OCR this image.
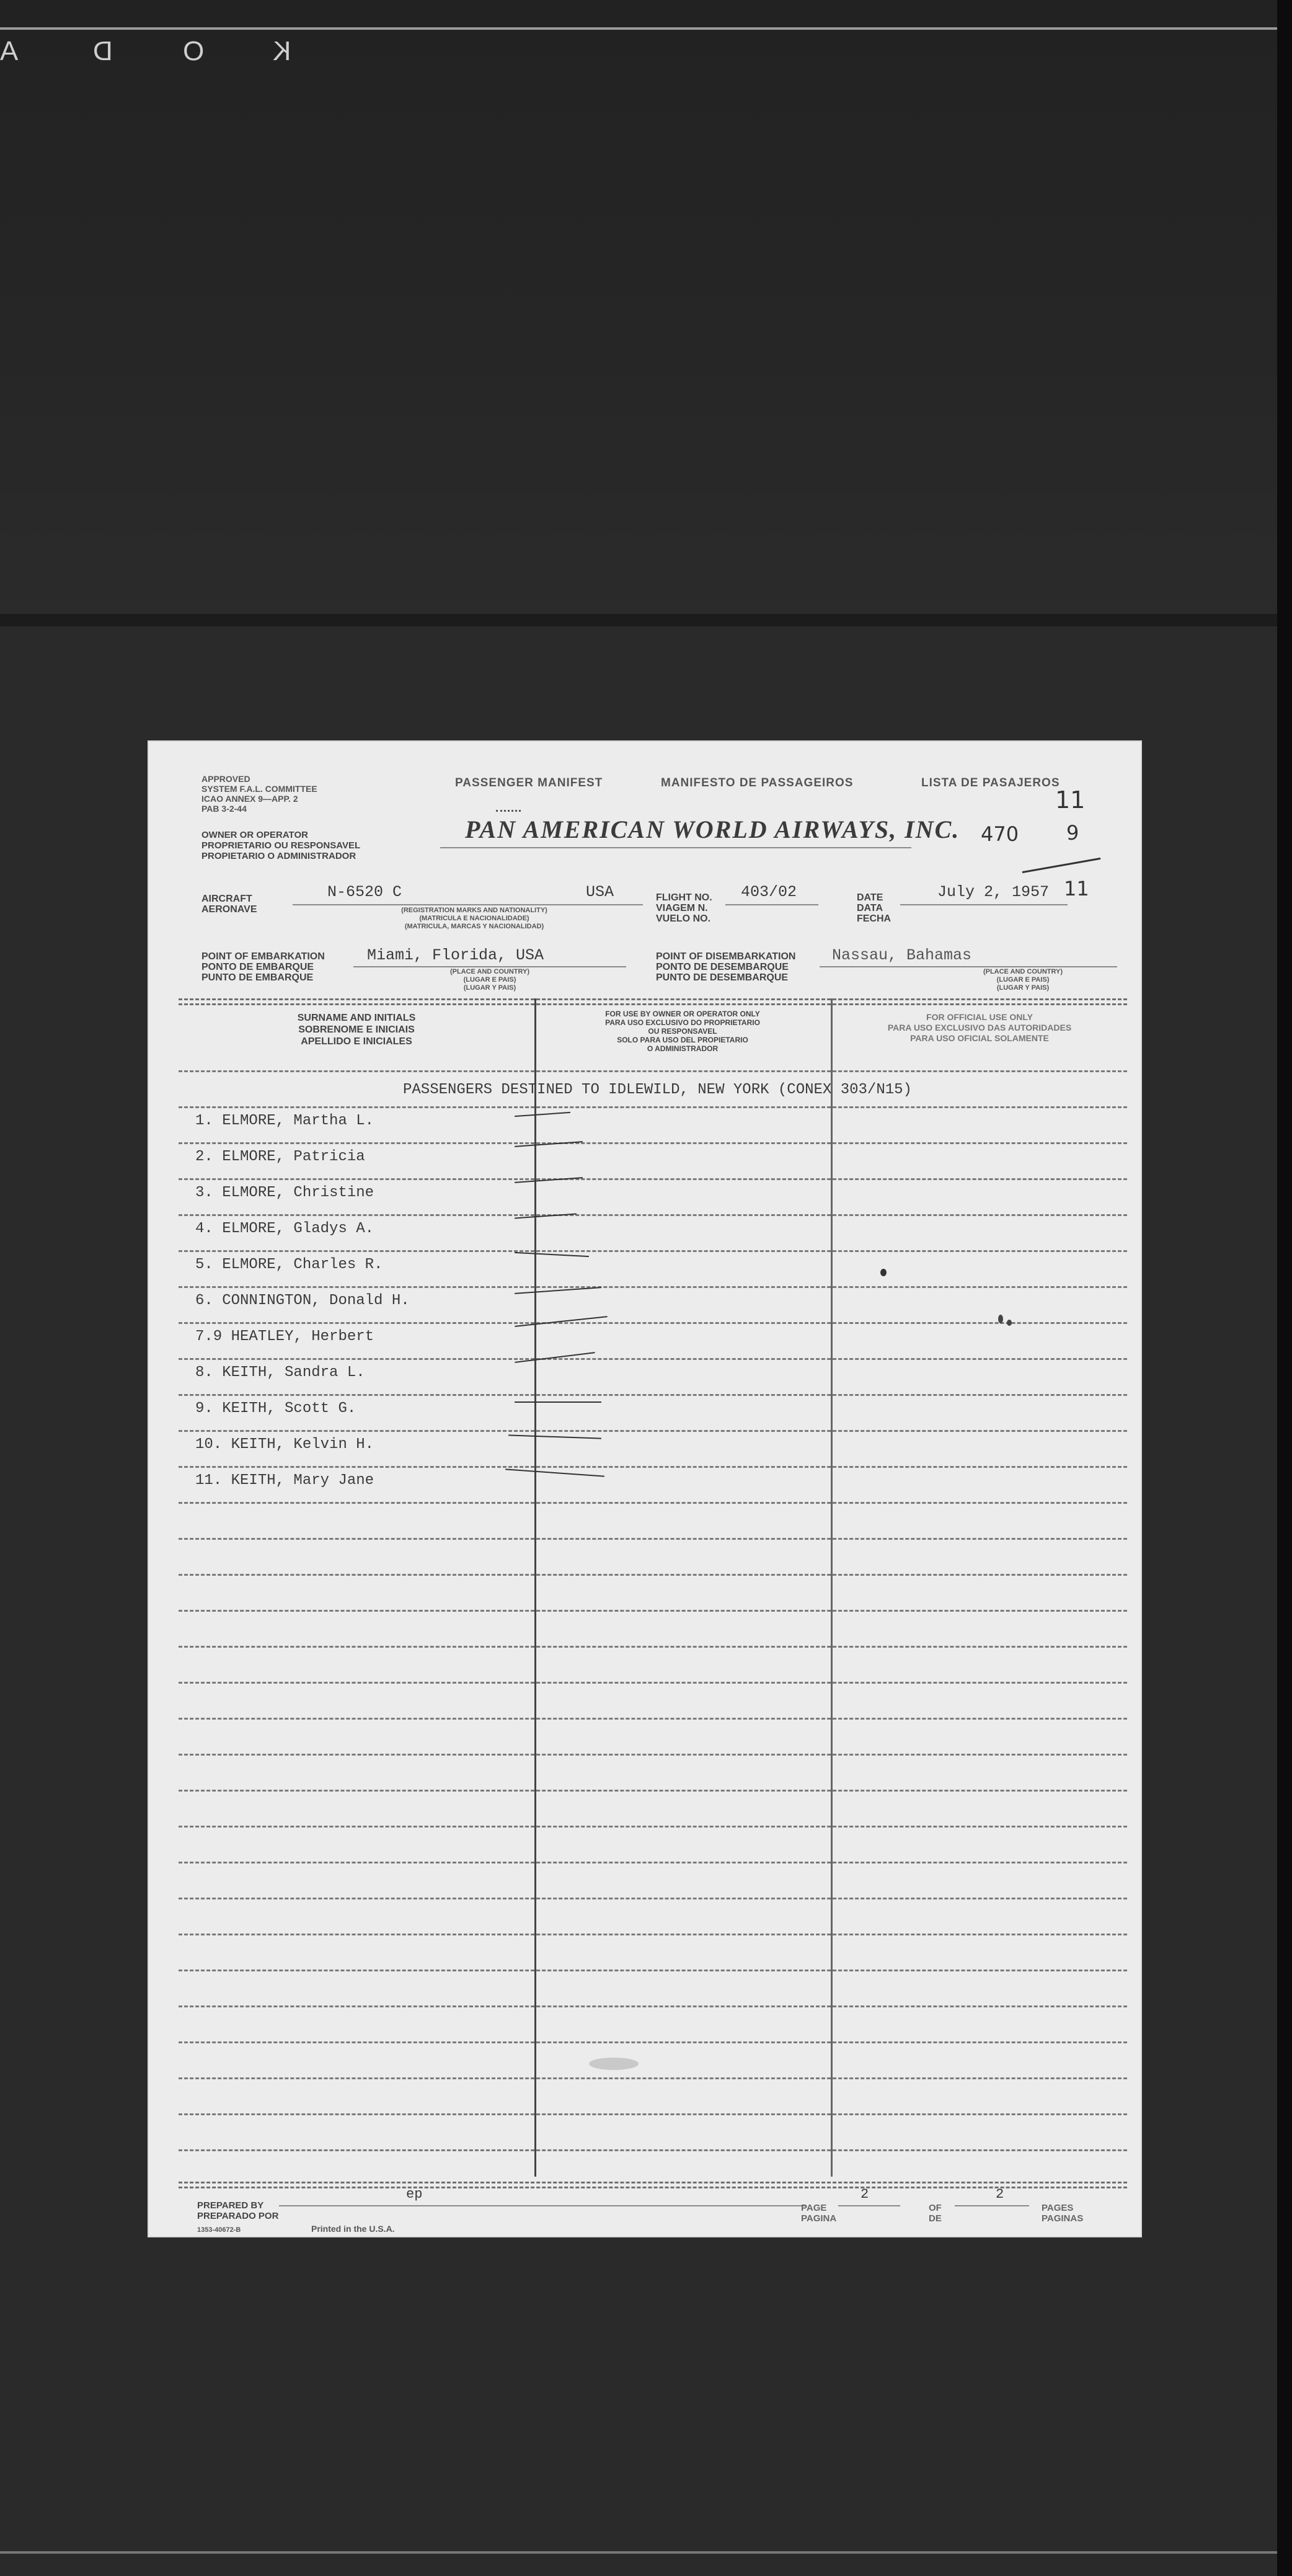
K
O
D
A
APPROVED
SYSTEM F.A.L. COMMITTEE
ICAO ANNEX 9—APP. 2
PAB 3-2-44
PASSENGER MANIFEST	MANIFESTO DE PASSAGEIROS	LISTA DE PASAJEROS
11
470 9
OWNER OR OPERATOR
PROPRIETARIO OU RESPONSAVEL
PROPIETARIO O ADMINISTRADOR
PAN AMERICAN WORLD AIRWAYS, INC.
AIRCRAFT
AERONAVE
N-6520 C	USA
(REGISTRATION MARKS AND NATIONALITY)
(MATRICULA E NACIONALIDADE)
(MATRICULA, MARCAS Y NACIONALIDAD)
FLIGHT NO.
VIAGEM N.
VUELO NO.
403/02	DATE
DATA
FECHA
July 2, 1957 11
POINT OF EMBARKATION
PONTO DE EMBARQUE
PUNTO DE EMBARQUE
Miami, Florida, USA
(PLACE AND COUNTRY)
(LUGAR E PAIS)
(LUGAR Y PAIS)
POINT OF DISEMBARKATION
PONTO DE DESEMBARQUE
PUNTO DE DESEMBARQUE
Nassau, Bahamas
(PLACE AND COUNTRY)
(LUGAR E PAIS)
(LUGAR Y PAIS)
SURNAME AND INITIALS
SOBRENOME E INICIAIS
APELLIDO E INICIALES
FOR USE BY OWNER OR OPERATOR ONLY
PARA USO EXCLUSIVO DO PROPRIETARIO
OU RESPONSAVEL
SOLO PARA USO DEL PROPIETARIO
O ADMINISTRADOR
FOR OFFICIAL USE ONLY
PARA USO EXCLUSIVO DAS AUTORIDADES
PARA USO OFICIAL SOLAMENTE
PASSENGERS DESTINED TO IDLEWILD, NEW YORK (CONEX 303/N15)
1. ELMORE, Martha L.
2. ELMORE, Patricia
3. ELMORE, Christine
4. ELMORE, Gladys A.
5. ELMORE, Charles R.
6. CONNINGTON, Donald H.
7.9 HEATLEY, Herbert
8. KEITH, Sandra L.
9. KEITH, Scott G.
10. KEITH, Kelvin H.
11. KEITH, Mary Jane
PREPARED BY
PREPARADO POR
ep
1353-40672-B	Printed in the U.S.A.
PAGE
PAGINA
2
OF
DE
2
PAGES
PAGINAS
